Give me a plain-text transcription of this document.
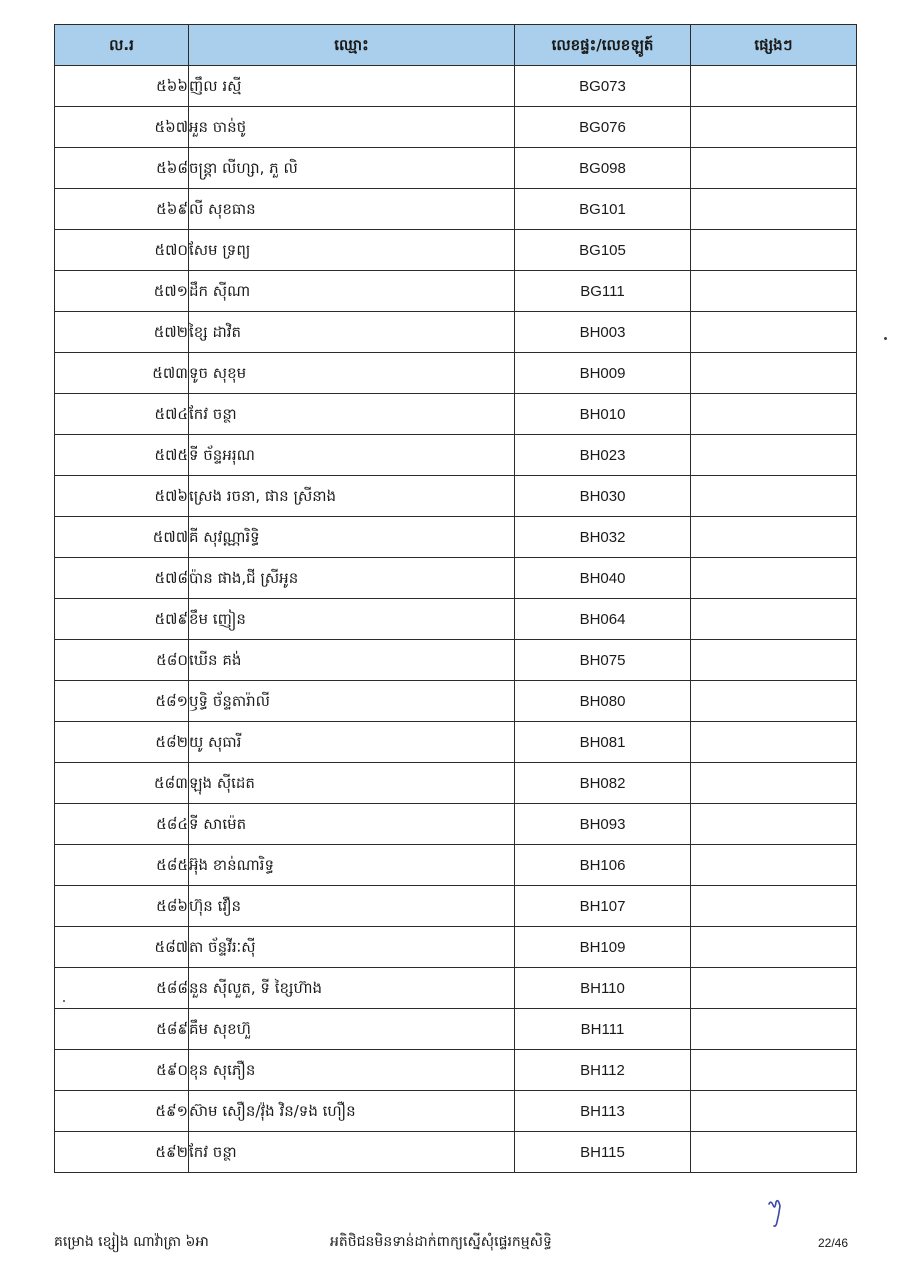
ល.រ	ឈ្មោះ	លេខផ្ទះ/លេខឡូត៍	ផ្សេងៗ
៥៦៦	ញឹល រស្មី	BG073	
៥៦៧	អួន ចាន់ថូ	BG076	
៥៦៨	ចន្ត្រា លីហ្សា, ភួ លិ	BG098	
៥៦៩	លី សុខធាន	BG101	
៥៧០	សែម ទ្រព្យ	BG105	
៥៧១	ដឹក ស៊ីណា	BG111	
៥៧២	ខ្សៃ ដាវិត	BH003	
៥៧៣	ទូច សុខុម	BH009	
៥៧៤	កែវ ចន្ថា	BH010	
៥៧៥	ទី ច័ន្ទអរុណ	BH023	
៥៧៦	ស្រេង រចនា, ផាន ស្រីនាង	BH030	
៥៧៧	គី សុវណ្ណារិទ្ធិ	BH032	
៥៧៨	ប៉ាន ផាង,ជី ស្រីអូន	BH040	
៥៧៩	ខឹម ញៀន	BH064	
៥៨០	ឃើន គង់	BH075	
៥៨១	ឫទ្ធិ ច័ន្ទតារ៉ាលី	BH080	
៥៨២	យូ សុធារី	BH081	
៥៨៣	ឡុង ស៊ីដេត	BH082	
៥៨៤	ទី សាម៉េត	BH093	
៥៨៥	អ៊ុង ខាន់ណារិទ្ធ	BH106	
៥៨៦	ហ៊ុន វឿន	BH107	
៥៨៧	តា ច័ន្ទវីរៈស៊ី	BH109	
៥៨៨	នួន ស៊ីលួត, ទី ខ្សៃហ៊ាង	BH110	
៥៨៩	គឹម សុខហ៊ួ	BH111	
៥៩០	ខុន សុភឿន	BH112	
៥៩១	ស៊ាម សឿន/វ៉ុង វិន/ទង ហឿន	BH113	
៥៩២	កែវ ចន្ថា	BH115	
គម្រោង ខ្សៀង ណាវ៉ាត្រា ៦អា	អតិថិជនមិនទាន់ដាក់ពាក្យស្នើសុំផ្ទេរកម្មសិទ្ធិ	22/46
